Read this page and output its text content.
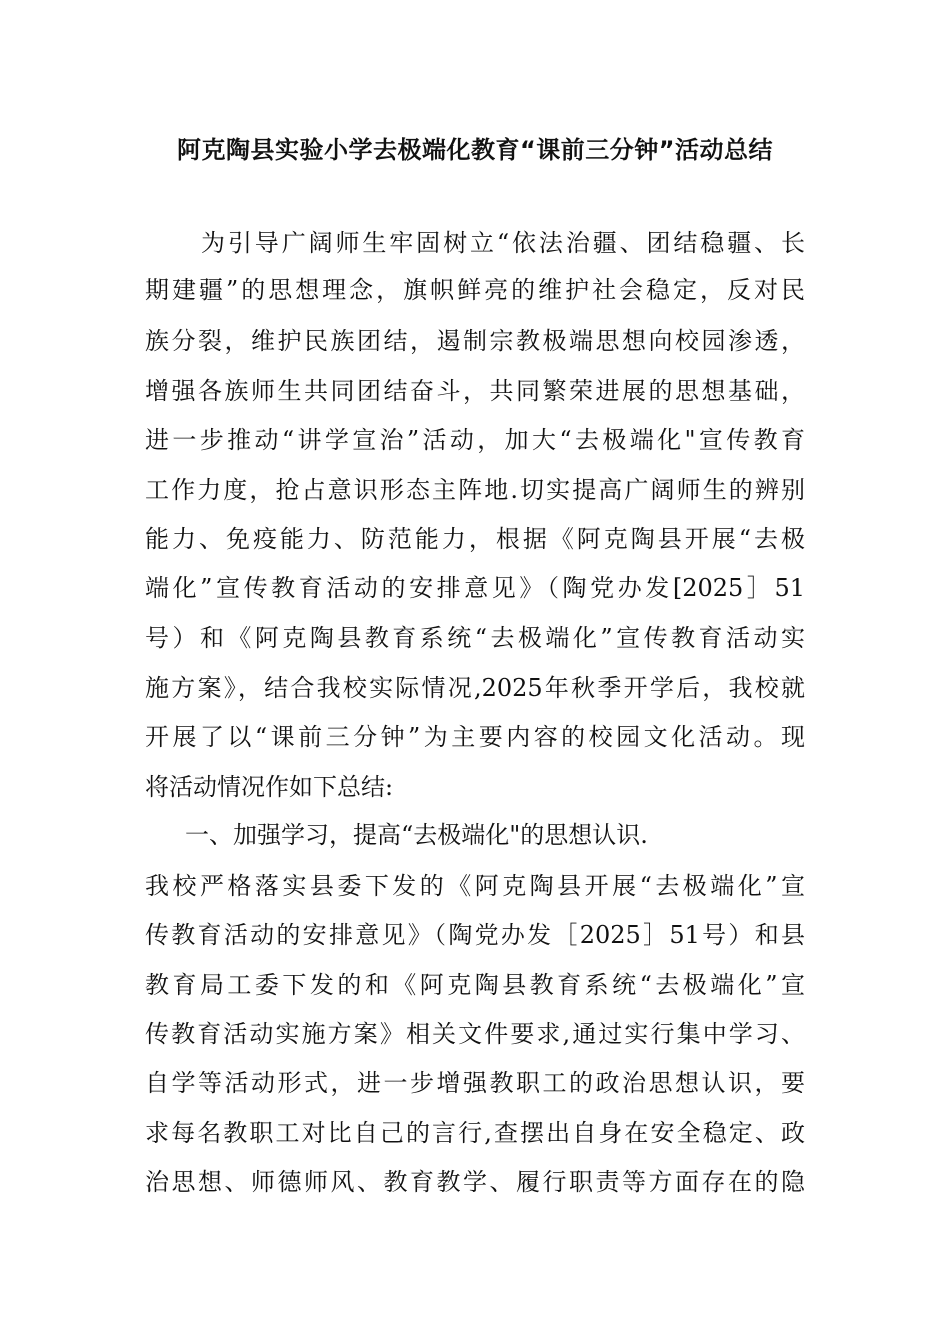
阿克陶县实验小学去极端化教育“课前三分钟”活动总结
为引导广阔师生牢固树立“依法治疆、团结稳疆、长
期建疆”的思想理念，旗帜鲜亮的维护社会稳定，反对民
族分裂，维护民族团结，遏制宗教极端思想向校园渗透，
增强各族师生共同团结奋斗，共同繁荣进展的思想基础，
进一步推动“讲学宣治”活动，加大“去极端化"宣传教育
工作力度，抢占意识形态主阵地.切实提高广阔师生的辨别
能力、免疫能力、防范能力，根据《阿克陶县开展“去极
端化”宣传教育活动的安排意见》（陶党办发[2025］51
号）和《阿克陶县教育系统“去极端化”宣传教育活动实
施方案》，结合我校实际情况,2025年秋季开学后，我校就
开展了以“课前三分钟”为主要内容的校园文化活动。现
将活动情况作如下总结:
一、加强学习，提高“去极端化"的思想认识.
我校严格落实县委下发的《阿克陶县开展“去极端化”宣
传教育活动的安排意见》（陶党办发［2025］51号）和县
教育局工委下发的和《阿克陶县教育系统“去极端化”宣
传教育活动实施方案》相关文件要求,通过实行集中学习、
自学等活动形式，进一步增强教职工的政治思想认识，要
求每名教职工对比自己的言行,查摆出自身在安全稳定、政
治思想、师德师风、教育教学、履行职责等方面存在的隐
